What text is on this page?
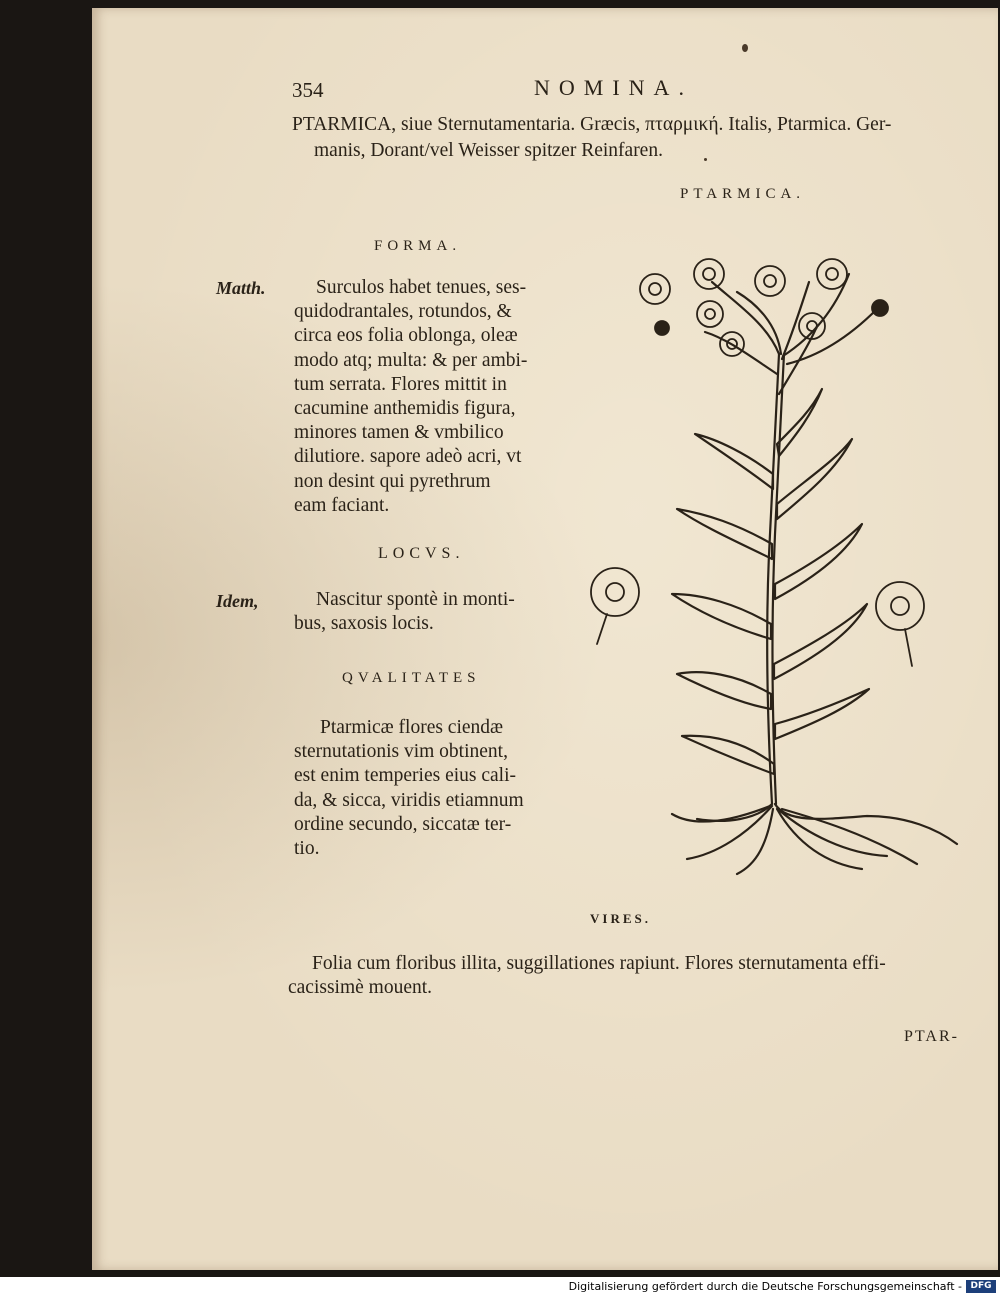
354	NOMINA.
PTARMICA, siue Sternutamentaria. Græcis, πταρμική. Italis, Ptarmica. Ger-
manis, Dorant/vel Weisser spitzer Reinfaren.
PTARMICA.
FORMA.
Matth.	Surculos habet tenues, ses-
quidodrantales, rotundos, &
circa eos folia oblonga, oleæ
modo atq; multa: & per ambi-
tum serrata. Flores mittit in
cacumine anthemidis figura,
minores tamen & vmbilico
dilutiore. sapore adeò acri, vt
non desint qui pyrethrum
eam faciant.
LOCVS.
Idem,	Nascitur spontè in monti-
bus, saxosis locis.
QVALITATES
Ptarmicæ flores ciendæ
sternutationis vim obtinent,
est enim temperies eius cali-
da, & sicca, viridis etiamnum
ordine secundo, siccatæ ter-
tio.
VIRES.
Folia cum floribus illita, suggillationes rapiunt. Flores sternutamenta effi-
cacissimè mouent.
PTAR-
Digitalisierung gefördert durch die Deutsche Forschungsgemeinschaft - DFG
